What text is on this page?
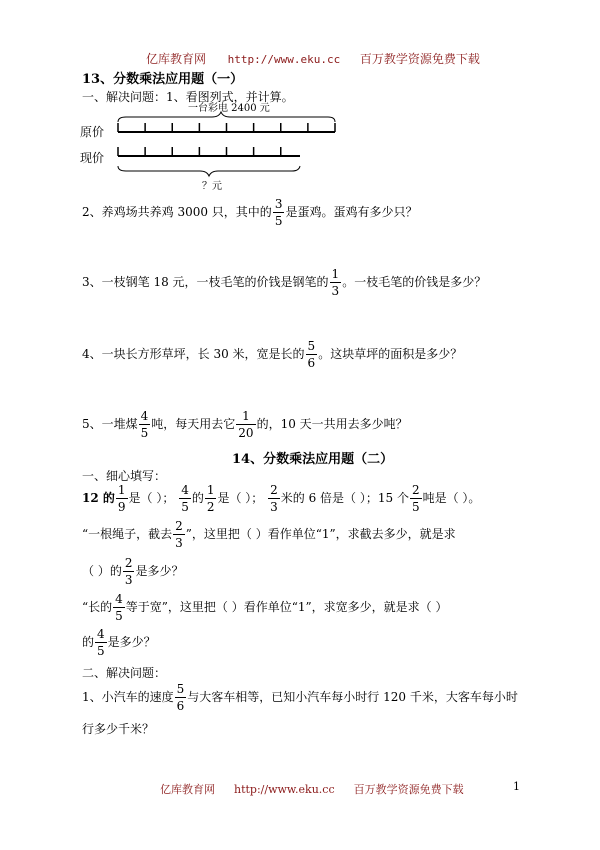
亿库教育网 http://www.eku.cc 百万教学资源免费下载
13、分数乘法应用题（一）
一、解决问题：1、看图列式，并计算。
一台彩电 2400 元
原价
现价
？元
2、养鸡场共养鸡 3000 只，其中的 $\frac{3}{5}$ 是蛋鸡。蛋鸡有多少只？
3、一枝钢笔 18 元，一枝毛笔的价钱是钢笔的 $\frac{1}{3}$ 。一枝毛笔的价钱是多少？
4、一块长方形草坪，长 30 米，宽是长的 $\frac{5}{6}$ 。这块草坪的面积是多少？
5、一堆煤 $\frac{4}{5}$ 吨，每天用去它 $\frac{1}{20}$ 的，10 天一共用去多少吨？
14、分数乘法应用题（二）
一、细心填写：
12 的 $\frac{1}{9}$ 是（ ）； $\frac{4}{5}$ 的 $\frac{1}{2}$ 是（ ）； $\frac{2}{3}$ 米的 6 倍是（ ）；15 个 $\frac{2}{5}$ 吨是（ ）。
“一根绳子，截去 $\frac{2}{3}$ ”，这里把（ ）看作单位“1”，求截去多少，就是求
（ ）的 $\frac{2}{3}$ 是多少？
“长的 $\frac{4}{5}$ 等于宽”，这里把（ ）看作单位“1”，求宽多少，就是求（ ）
的 $\frac{4}{5}$ 是多少？
二、解决问题：
1、小汽车的速度 $\frac{5}{6}$ 与大客车相等，已知小汽车每小时行 120 千米，大客车每小时
行多少千米？
亿库教育网 http://www.eku.cc 百万教学资源免费下载	1
